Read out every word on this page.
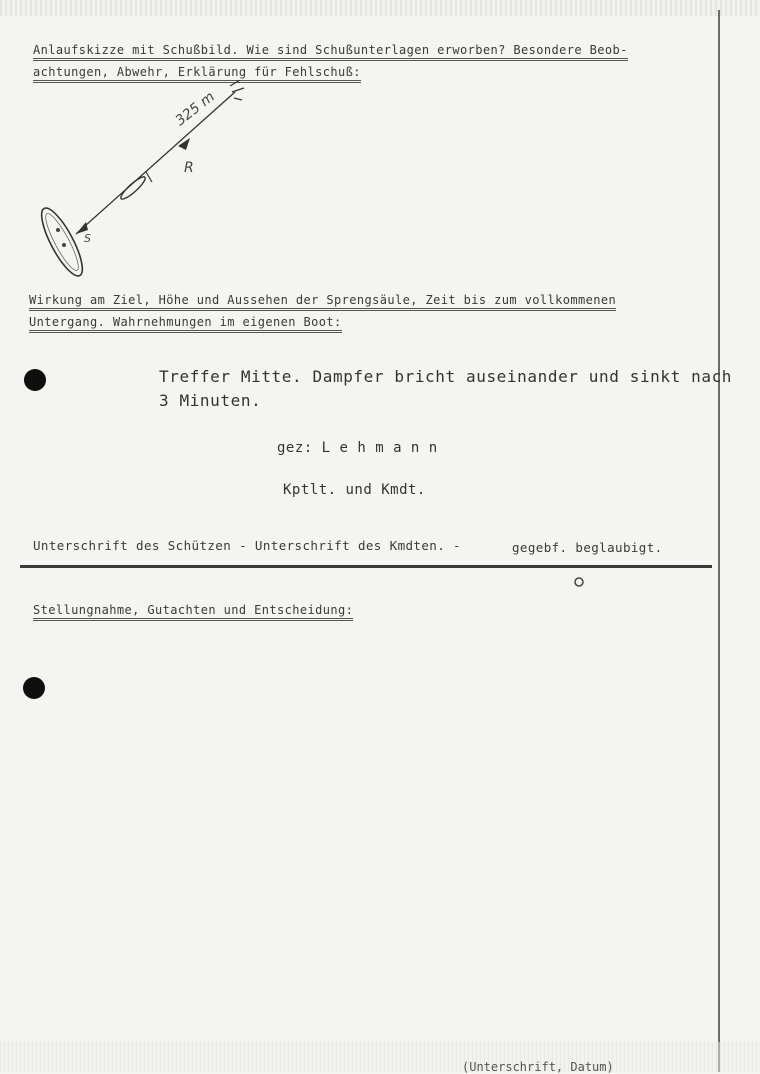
Anlaufskizze mit Schußbild. Wie sind Schußunterlagen erworben? Besondere Beob-
achtungen, Abwehr, Erklärung für Fehlschuß:
325 m
R
S
Wirkung am Ziel, Höhe und Aussehen der Sprengsäule, Zeit bis zum vollkommenen
Untergang. Wahrnehmungen im eigenen Boot:
Treffer Mitte. Dampfer bricht auseinander und sinkt nach
3 Minuten.
gez: L e h m a n n
Kptlt. und Kmdt.
Unterschrift des Schützen - Unterschrift des Kmdten. -	gegebf. beglaubigt.
Stellungnahme, Gutachten und Entscheidung:
(Unterschrift, Datum)
